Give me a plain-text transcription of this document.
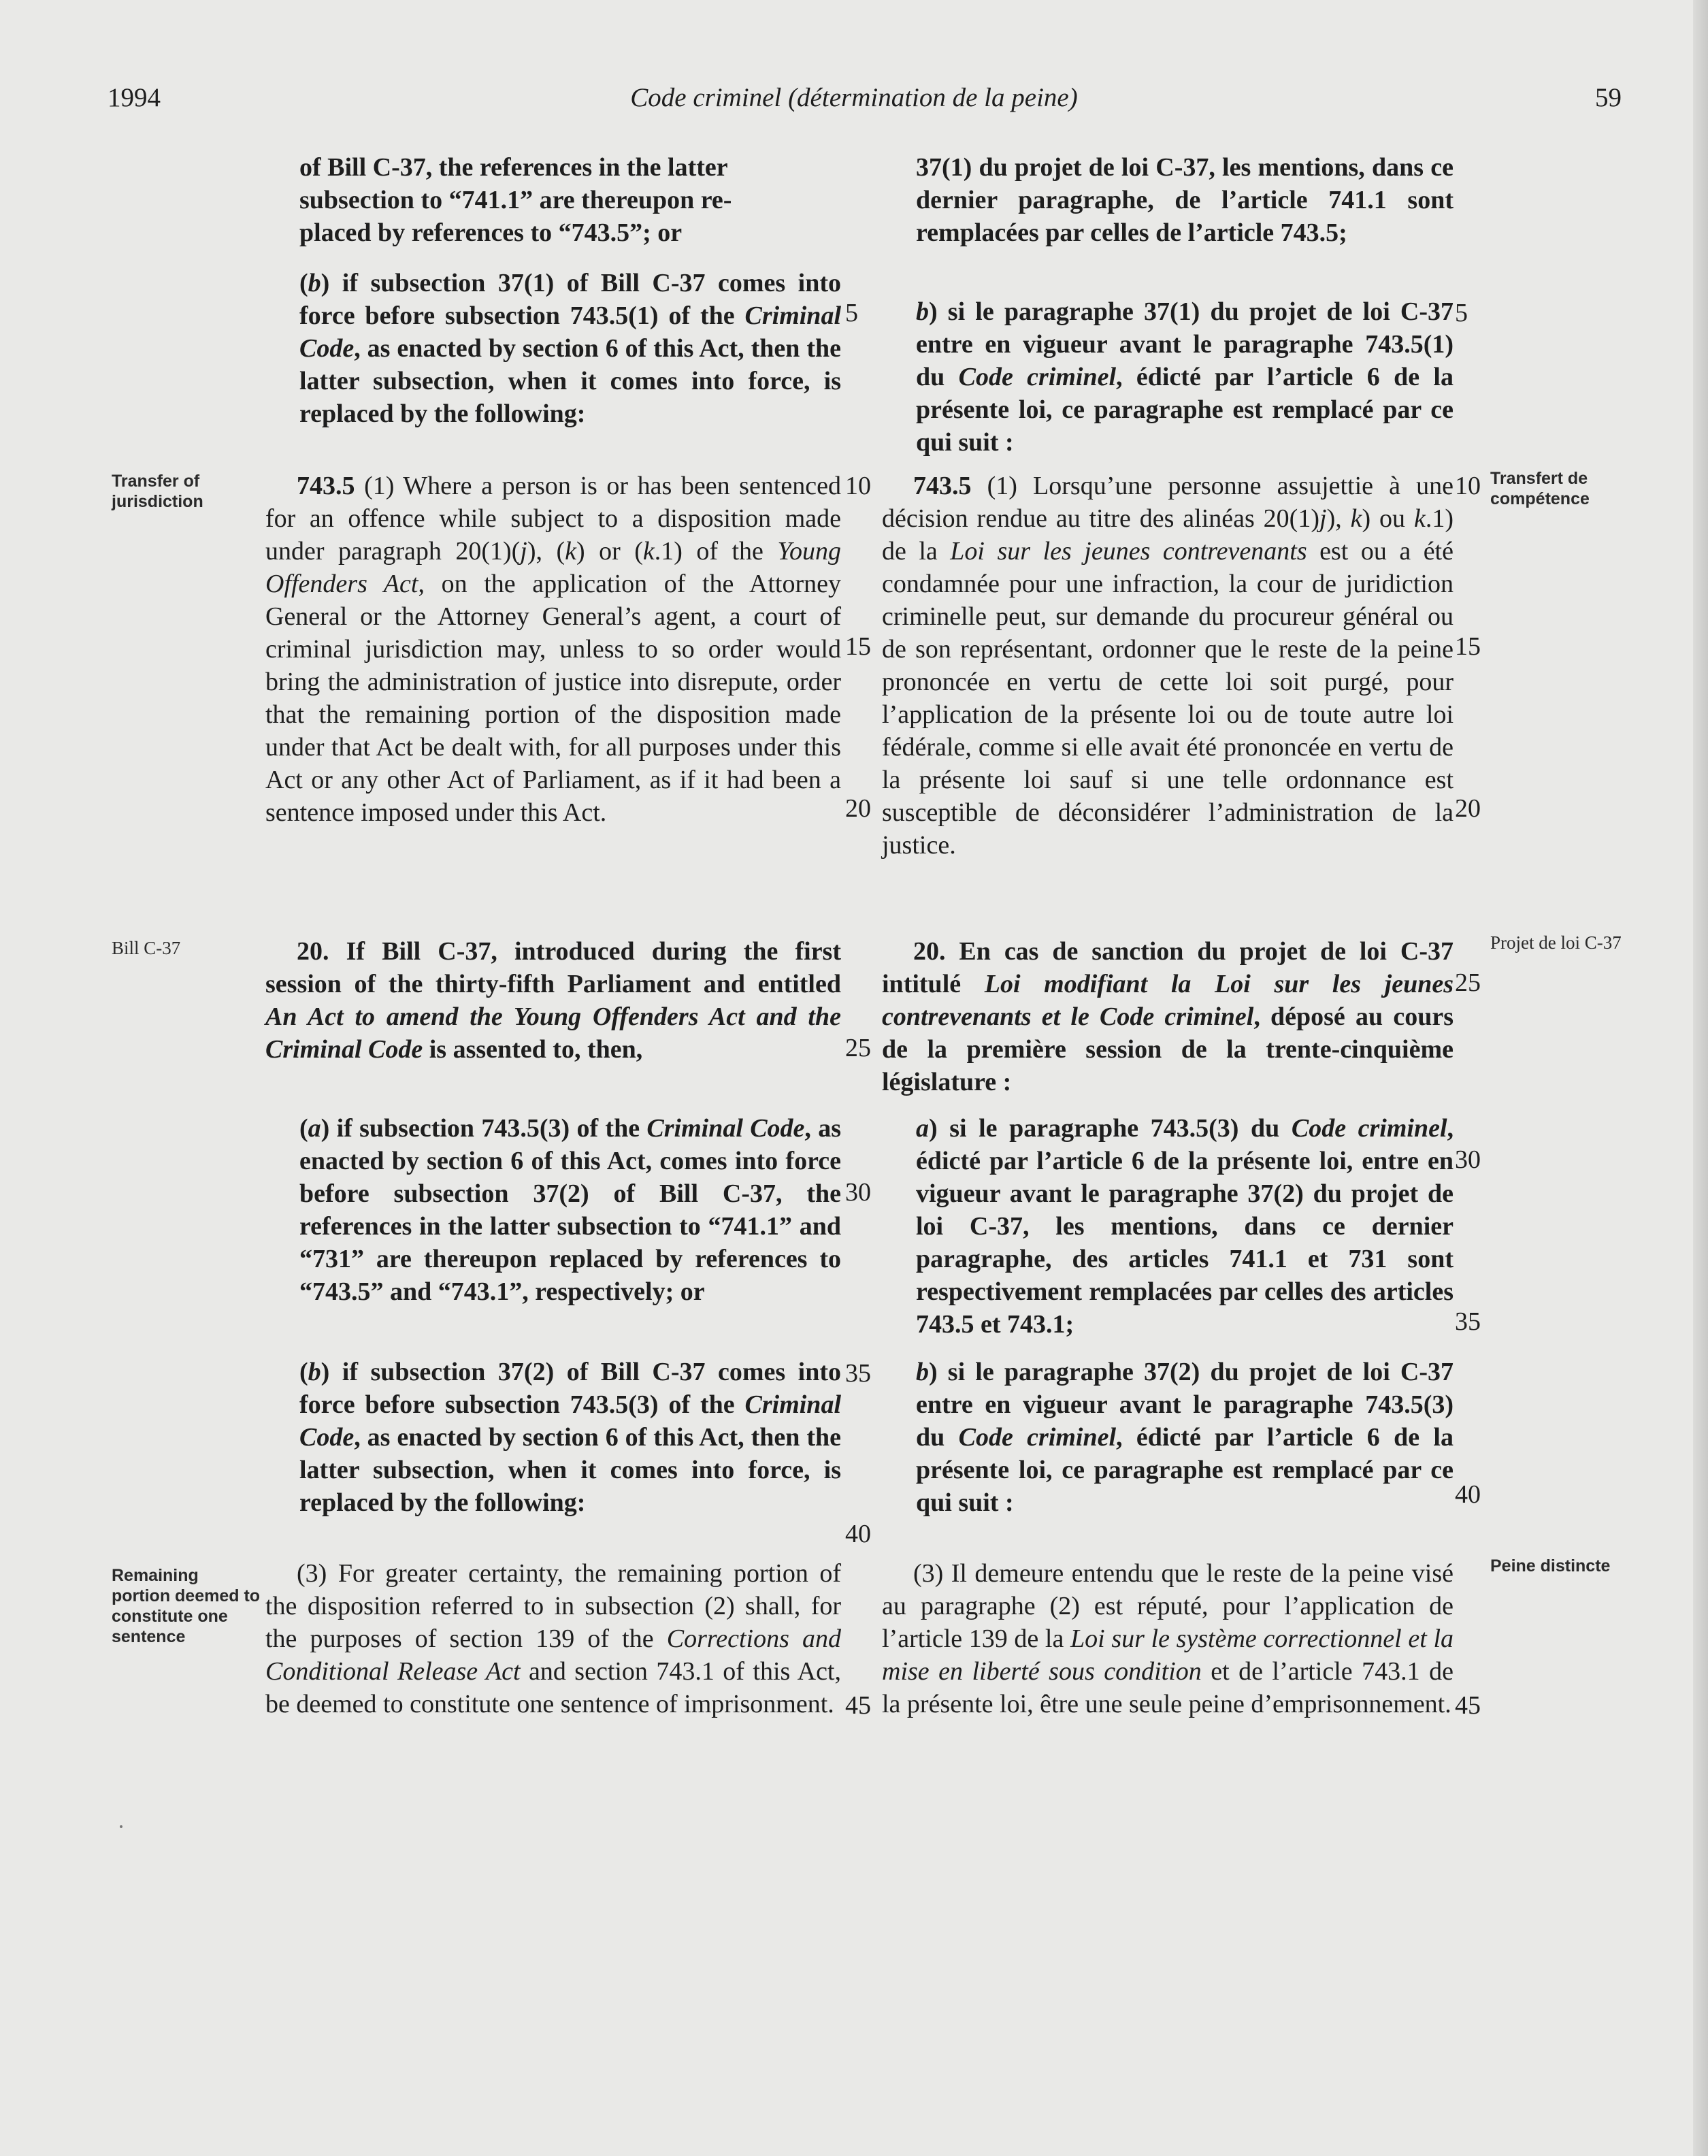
1994	Code criminel (détermination de la peine)	59

of Bill C-37, the references in the latter
subsection to “741.1” are thereupon re-
placed by references to “743.5”; or

(b) if subsection 37(1) of Bill C-37 comes into force before subsection 743.5(1) of the Criminal Code, as enacted by section 6 of this Act, then the latter subsection, when it comes into force, is replaced by the following:

743.5 (1) Where a person is or has been sentenced for an offence while subject to a disposition made under paragraph 20(1)(j), (k) or (k.1) of the Young Offenders Act, on the application of the Attorney General or the Attorney General’s agent, a court of criminal jurisdiction may, unless to so order would bring the administration of justice into disrepute, order that the remaining portion of the disposition made under that Act be dealt with, for all purposes under this Act or any other Act of Parliament, as if it had been a sentence imposed under this Act.

20. If Bill C-37, introduced during the first session of the thirty-fifth Parliament and entitled An Act to amend the Young Offenders Act and the Criminal Code is assented to, then,

(a) if subsection 743.5(3) of the Criminal Code, as enacted by section 6 of this Act, comes into force before subsection 37(2) of Bill C-37, the references in the latter subsection to “741.1” and “731” are thereupon replaced by references to “743.5” and “743.1”, respectively; or

(b) if subsection 37(2) of Bill C-37 comes into force before subsection 743.5(3) of the Criminal Code, as enacted by section 6 of this Act, then the latter subsection, when it comes into force, is replaced by the following:

(3) For greater certainty, the remaining portion of the disposition referred to in subsection (2) shall, for the purposes of section 139 of the Corrections and Conditional Release Act and section 743.1 of this Act, be deemed to constitute one sentence of imprisonment.

37(1) du projet de loi C-37, les mentions, dans ce dernier paragraphe, de l’article 741.1 sont remplacées par celles de l’article 743.5;

b) si le paragraphe 37(1) du projet de loi C-37 entre en vigueur avant le paragraphe 743.5(1) du Code criminel, édicté par l’article 6 de la présente loi, ce paragraphe est remplacé par ce qui suit :

743.5 (1) Lorsqu’une personne assujettie à une décision rendue au titre des alinéas 20(1)j), k) ou k.1) de la Loi sur les jeunes contrevenants est ou a été condamnée pour une infraction, la cour de juridiction criminelle peut, sur demande du procureur général ou de son représentant, ordonner que le reste de la peine prononcée en vertu de cette loi soit purgé, pour l’application de la présente loi ou de toute autre loi fédérale, comme si elle avait été prononcée en vertu de la présente loi sauf si une telle ordonnance est susceptible de déconsidérer l’administration de la justice.

20. En cas de sanction du projet de loi C-37 intitulé Loi modifiant la Loi sur les jeunes contrevenants et le Code criminel, déposé au cours de la première session de la trente-cinquième législature :

a) si le paragraphe 743.5(3) du Code criminel, édicté par l’article 6 de la présente loi, entre en vigueur avant le paragraphe 37(2) du projet de loi C-37, les mentions, dans ce dernier paragraphe, des articles 741.1 et 731 sont respectivement remplacées par celles des articles 743.5 et 743.1;

b) si le paragraphe 37(2) du projet de loi C-37 entre en vigueur avant le paragraphe 743.5(3) du Code criminel, édicté par l’article 6 de la présente loi, ce paragraphe est remplacé par ce qui suit :

(3) Il demeure entendu que le reste de la peine visé au paragraphe (2) est réputé, pour l’application de l’article 139 de la Loi sur le système correctionnel et la mise en liberté sous condition et de l’article 743.1 de la présente loi, être une seule peine d’emprisonnement.

5
10
15
20
25
30
35
40
45
5
10
15
20
25
30
35
40
45
Transfer of jurisdiction
Transfert de compétence
Bill C-37	Projet de loi C-37
Remaining portion deemed to constitute one sentence
Peine distincte
